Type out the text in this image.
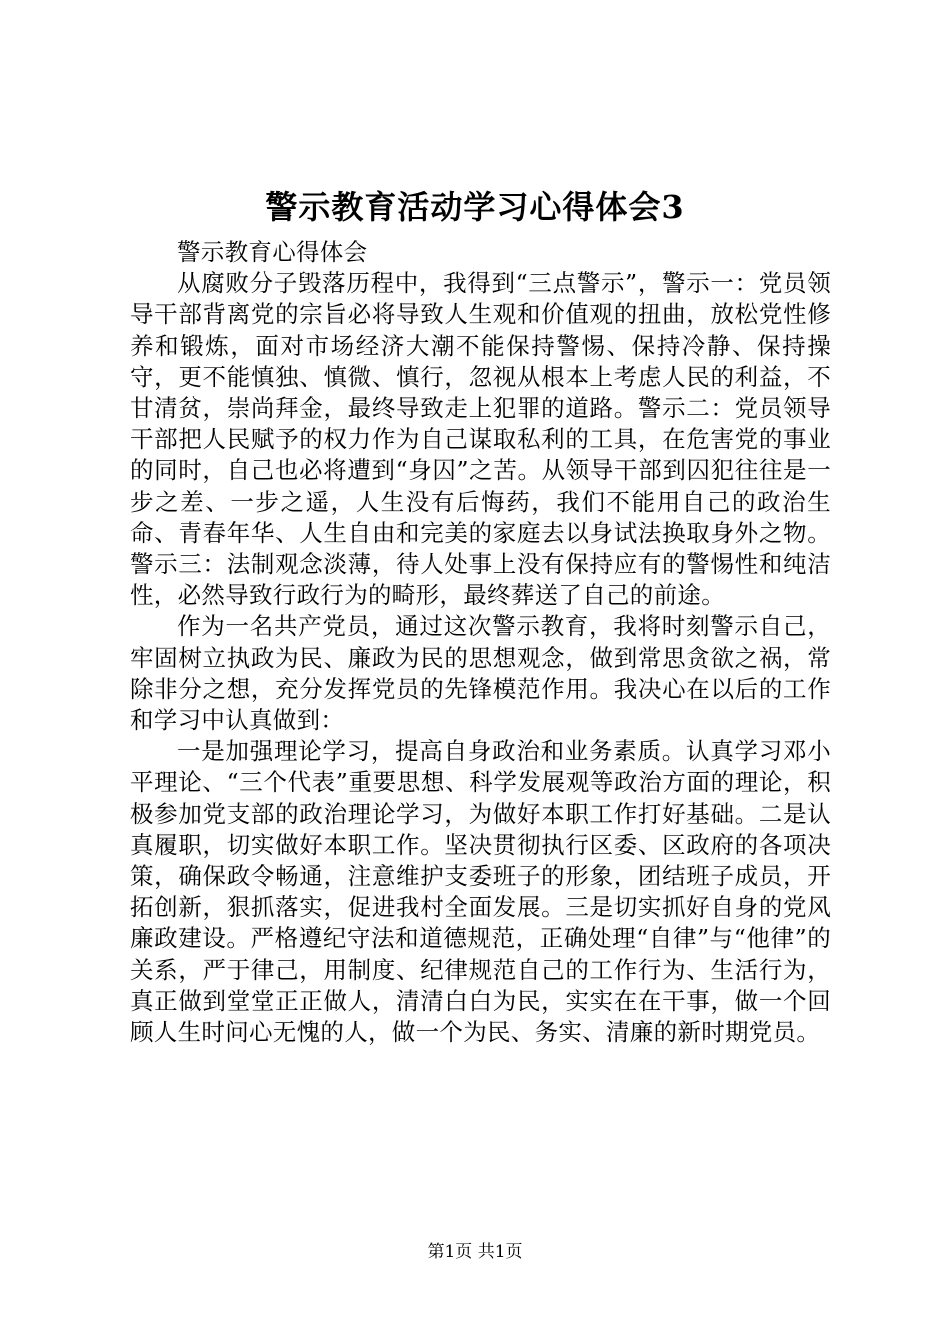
警示教育活动学习心得体会3

警示教育心得体会

从腐败分子毁落历程中，我得到“三点警示”，警示一：党员领导干部背离党的宗旨必将导致人生观和价值观的扭曲，放松党性修养和锻炼，面对市场经济大潮不能保持警惕、保持冷静、保持操守，更不能慎独、慎微、慎行，忽视从根本上考虑人民的利益，不甘清贫，崇尚拜金，最终导致走上犯罪的道路。警示二：党员领导干部把人民赋予的权力作为自己谋取私利的工具，在危害党的事业的同时，自己也必将遭到“身囚”之苦。从领导干部到囚犯往往是一步之差、一步之遥，人生没有后悔药，我们不能用自己的政治生命、青春年华、人生自由和完美的家庭去以身试法换取身外之物。警示三：法制观念淡薄，待人处事上没有保持应有的警惕性和纯洁性，必然导致行政行为的畸形，最终葬送了自己的前途。

作为一名共产党员，通过这次警示教育，我将时刻警示自己，牢固树立执政为民、廉政为民的思想观念，做到常思贪欲之祸，常除非分之想，充分发挥党员的先锋模范作用。我决心在以后的工作和学习中认真做到：

一是加强理论学习，提高自身政治和业务素质。认真学习邓小平理论、“三个代表”重要思想、科学发展观等政治方面的理论，积极参加党支部的政治理论学习，为做好本职工作打好基础。二是认真履职，切实做好本职工作。坚决贯彻执行区委、区政府的各项决策，确保政令畅通，注意维护支委班子的形象，团结班子成员，开拓创新，狠抓落实，促进我村全面发展。三是切实抓好自身的党风廉政建设。严格遵纪守法和道德规范，正确处理“自律”与“他律”的关系，严于律己，用制度、纪律规范自己的工作行为、生活行为，真正做到堂堂正正做人，清清白白为民，实实在在干事，做一个回顾人生时问心无愧的人，做一个为民、务实、清廉的新时期党员。

第1页 共1页
